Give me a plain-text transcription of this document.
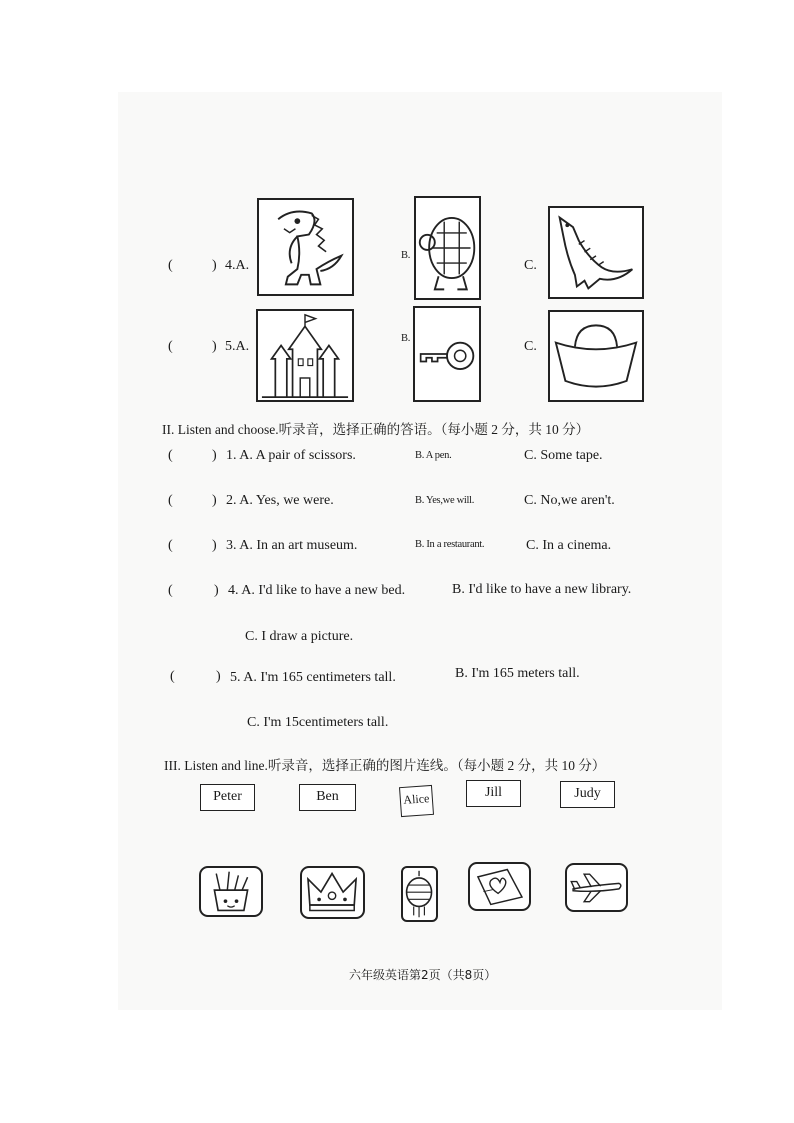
(	) 4.A.
B.
C.
(	) 5.A.
B.
C.
II. Listen and choose.听录音，选择正确的答语。（每小题 2 分，共 10 分）
(	) 1. A. A pair of scissors.	B. A pen.	C. Some tape.
(	) 2. A. Yes, we were.	B. Yes,we will.	C. No,we aren't.
(	) 3. A. In an art museum.	B. In a restaurant.	C. In a cinema.
(	) 4. A. I'd like to have a new bed.	B. I'd like to have a new library.
C. I draw a picture.
(	) 5. A. I'm 165 centimeters tall.	B. I'm 165 meters tall.
C. I'm 15centimeters tall.
III. Listen and line.听录音，选择正确的图片连线。（每小题 2 分，共 10 分）
Peter	Ben	Alice	Jill	Judy
六年级英语第2页（共8页）
